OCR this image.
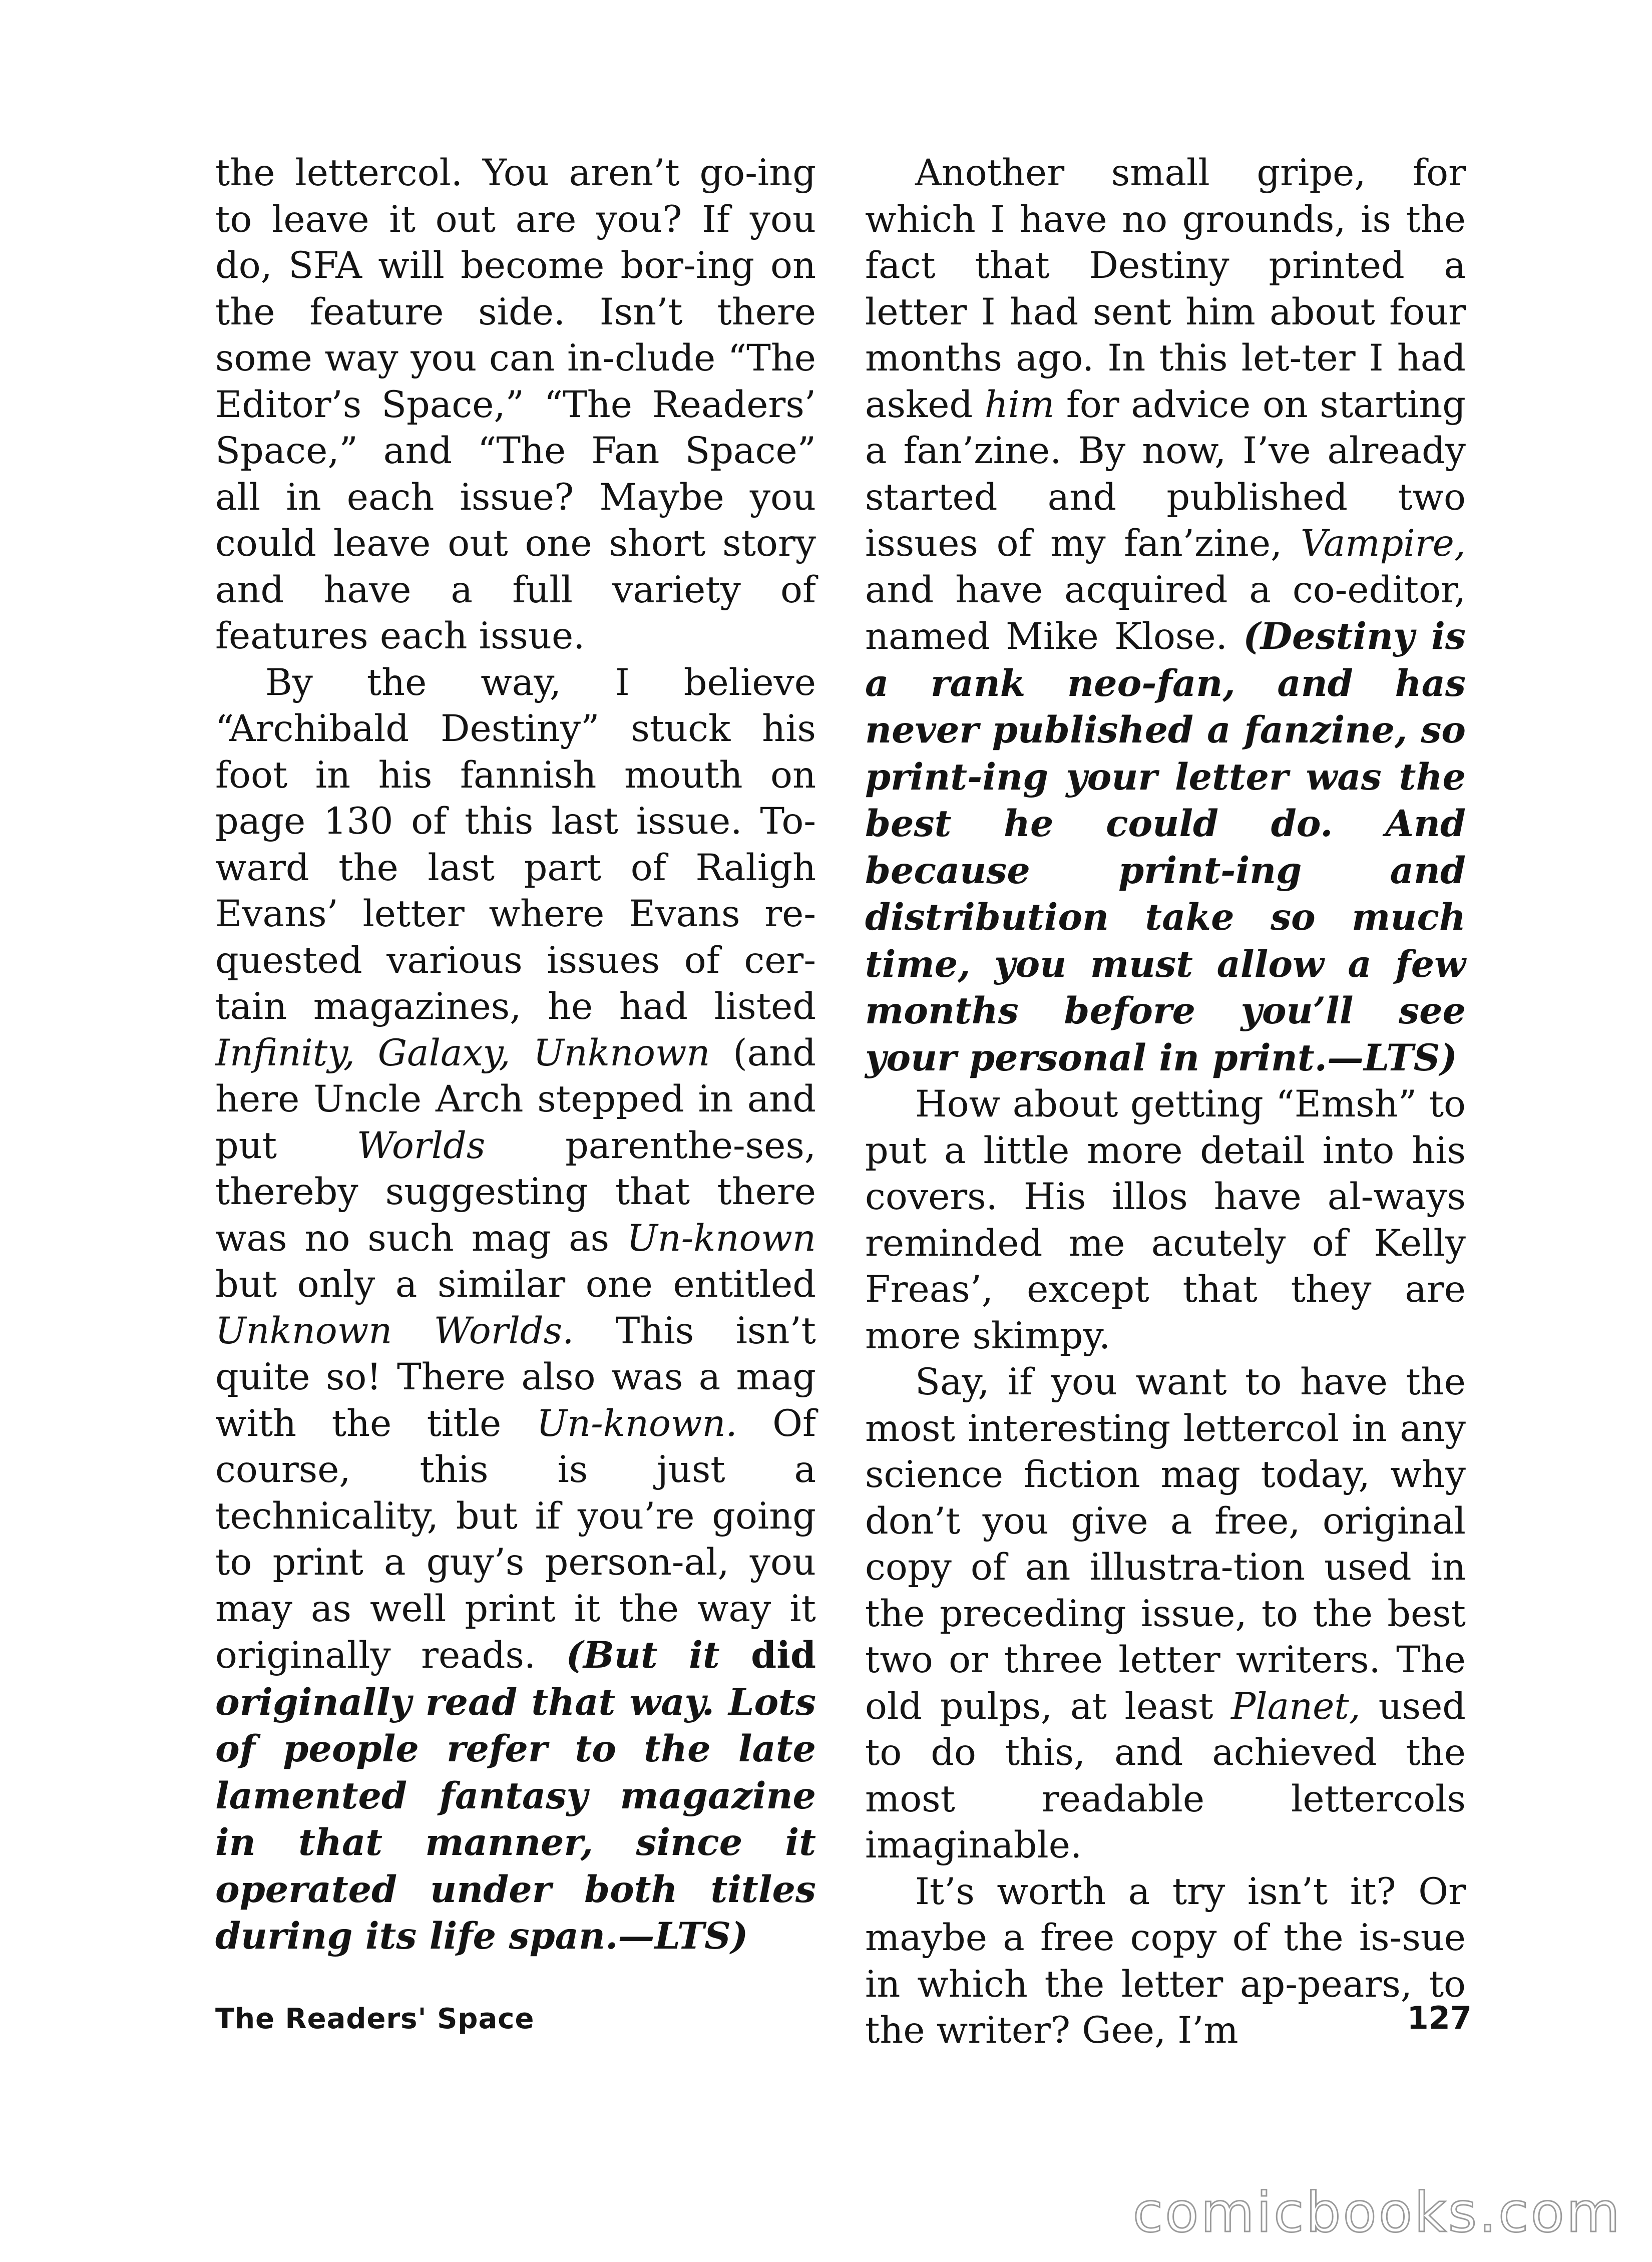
the lettercol. You aren’t go-ing to leave it out are you? If you do, SFA will become bor-ing on the feature side. Isn’t there some way you can in-clude “The Editor’s Space,” “The Readers’ Space,” and “The Fan Space” all in each issue? Maybe you could leave out one short story and have a full variety of features each issue.

By the way, I believe “Archibald Destiny” stuck his foot in his fannish mouth on page 130 of this last issue. To-ward the last part of Raligh Evans’ letter where Evans re-quested various issues of cer-tain magazines, he had listed Infinity, Galaxy, Unknown (and here Uncle Arch stepped in and put Worlds parenthe-ses, thereby suggesting that there was no such mag as Un-known but only a similar one entitled Unknown Worlds. This isn’t quite so! There also was a mag with the title Un-known. Of course, this is just a technicality, but if you’re going to print a guy’s person-al, you may as well print it the way it originally reads. (But it did originally read that way. Lots of people refer to the late lamented fantasy magazine in that manner, since it operated under both titles during its life span.—LTS)

Another small gripe, for which I have no grounds, is the fact that Destiny printed a letter I had sent him about four months ago. In this let-ter I had asked him for advice on starting a fan’zine. By now, I’ve already started and published two issues of my fan’zine, Vampire, and have acquired a co-editor, named Mike Klose. (Destiny is a rank neo-fan, and has never published a fanzine, so print-ing your letter was the best he could do. And because print-ing and distribution take so much time, you must allow a few months before you’ll see your personal in print.—LTS)

How about getting “Emsh” to put a little more detail into his covers. His illos have al-ways reminded me acutely of Kelly Freas’, except that they are more skimpy.

Say, if you want to have the most interesting lettercol in any science fiction mag today, why don’t you give a free, original copy of an illustra-tion used in the preceding issue, to the best two or three letter writers. The old pulps, at least Planet, used to do this, and achieved the most readable lettercols imaginable.

It’s worth a try isn’t it? Or maybe a free copy of the is-sue in which the letter ap-pears, to the writer? Gee, I’m

The Readers' Space	127
comicbooks.com
